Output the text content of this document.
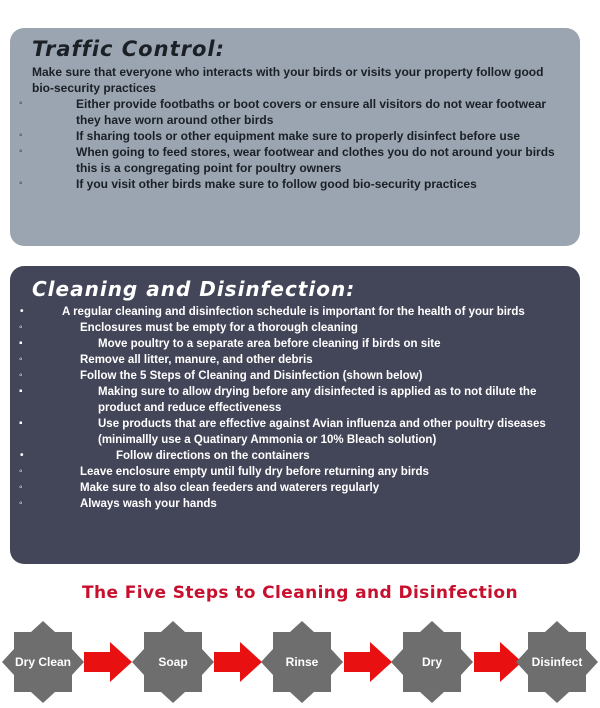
Traffic Control:

Make sure that everyone who interacts with your birds or visits your property follow good bio-security practices

◦ Either provide footbaths or boot covers or ensure all visitors do not wear footwear they have worn around other birds
◦ If sharing tools or other equipment make sure to properly disinfect before use
◦ When going to feed stores, wear footwear and clothes you do not around your birds this is a congregating point for poultry owners
◦ If you visit other birds make sure to follow good bio-security practices
Cleaning and Disinfection:
• A regular cleaning and disinfection schedule is important for the health of your birds
◦ Enclosures must be empty for a thorough cleaning
▪ Move poultry to a separate area before cleaning if birds on site
◦ Remove all litter, manure, and other debris
◦ Follow the 5 Steps of Cleaning and Disinfection (shown below)
▪ Making sure to allow drying before any disinfected is applied as to not dilute the product and reduce effectiveness
▪ Use products that are effective against Avian influenza and other poultry diseases (minimallly use a Quatinary Ammonia or 10% Bleach solution)
• Follow directions on the containers
◦ Leave enclosure empty until fully dry before returning any birds
◦ Make sure to also clean feeders and waterers regularly
◦ Always wash your hands
The Five Steps to Cleaning and Disinfection
Dry Clean	Soap	Rinse	Dry	Disinfect
